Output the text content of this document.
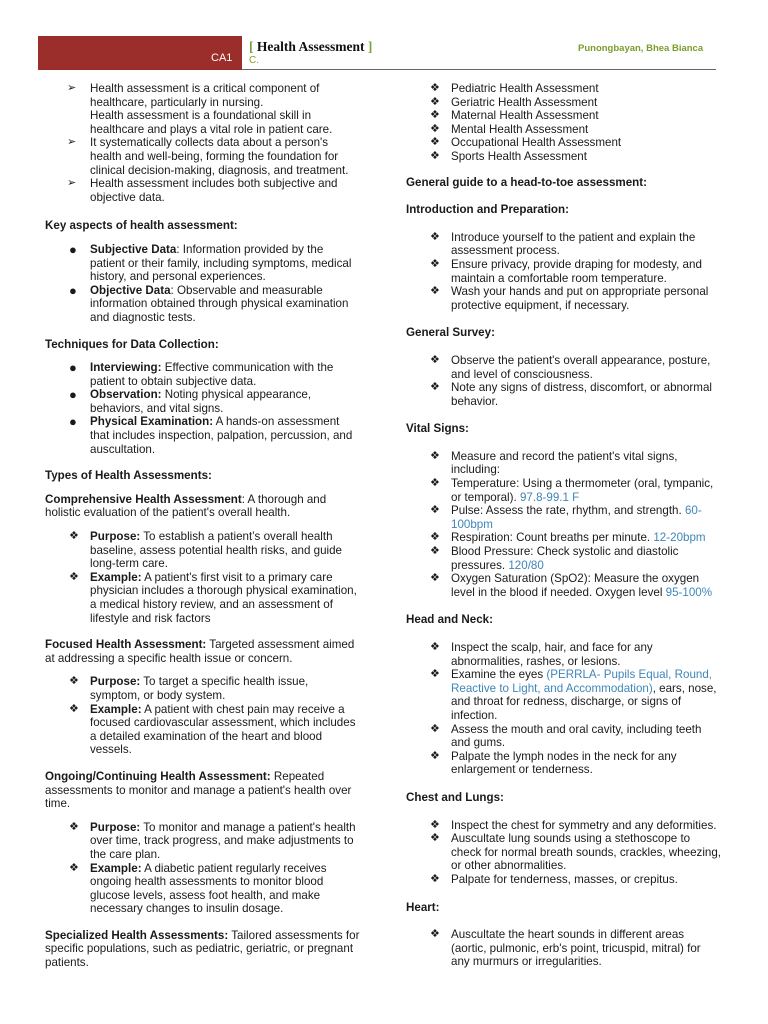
CA1
[ Health Assessment ]
C.
Punongbayan, Bhea Bianca
➢ Health assessment is a critical component of healthcare, particularly in nursing.
Health assessment is a foundational skill in healthcare and plays a vital role in patient care.
➢ It systematically collects data about a person's health and well-being, forming the foundation for clinical decision-making, diagnosis, and treatment.
➢ Health assessment includes both subjective and objective data.
Key aspects of health assessment:
● Subjective Data: Information provided by the patient or their family, including symptoms, medical history, and personal experiences.
● Objective Data: Observable and measurable information obtained through physical examination and diagnostic tests.
Techniques for Data Collection:
● Interviewing: Effective communication with the patient to obtain subjective data.
● Observation: Noting physical appearance, behaviors, and vital signs.
● Physical Examination: A hands-on assessment that includes inspection, palpation, percussion, and auscultation.
Types of Health Assessments:

Comprehensive Health Assessment: A thorough and holistic evaluation of the patient's overall health.

❖ Purpose: To establish a patient’s overall health baseline, assess potential health risks, and guide long-term care.
❖ Example: A patient's first visit to a primary care physician includes a thorough physical examination, a medical history review, and an assessment of lifestyle and risk factors

Focused Health Assessment: Targeted assessment aimed at addressing a specific health issue or concern.

❖ Purpose: To target a specific health issue, symptom, or body system.
❖ Example: A patient with chest pain may receive a focused cardiovascular assessment, which includes a detailed examination of the heart and blood vessels.

Ongoing/Continuing Health Assessment: Repeated assessments to monitor and manage a patient's health over time.

❖ Purpose: To monitor and manage a patient's health over time, track progress, and make adjustments to the care plan.
❖ Example: A diabetic patient regularly receives ongoing health assessments to monitor blood glucose levels, assess foot health, and make necessary changes to insulin dosage.

Specialized Health Assessments: Tailored assessments for specific populations, such as pediatric, geriatric, or pregnant patients.

❖ Pediatric Health Assessment
❖ Geriatric Health Assessment
❖ Maternal Health Assessment
❖ Mental Health Assessment
❖ Occupational Health Assessment
❖ Sports Health Assessment
General guide to a head-to-toe assessment:
Introduction and Preparation:
❖ Introduce yourself to the patient and explain the assessment process.
❖ Ensure privacy, provide draping for modesty, and maintain a comfortable room temperature.
❖ Wash your hands and put on appropriate personal protective equipment, if necessary.
General Survey:
❖ Observe the patient's overall appearance, posture, and level of consciousness.
❖ Note any signs of distress, discomfort, or abnormal behavior.
Vital Signs:
❖ Measure and record the patient's vital signs, including:
❖ Temperature: Using a thermometer (oral, tympanic, or temporal). 97.8-99.1 F
❖ Pulse: Assess the rate, rhythm, and strength. 60-100bpm
❖ Respiration: Count breaths per minute. 12-20bpm
❖ Blood Pressure: Check systolic and diastolic pressures. 120/80
❖ Oxygen Saturation (SpO2): Measure the oxygen level in the blood if needed. Oxygen level 95-100%
Head and Neck:
❖ Inspect the scalp, hair, and face for any abnormalities, rashes, or lesions.
❖ Examine the eyes (PERRLA- Pupils Equal, Round, Reactive to Light, and Accommodation), ears, nose, and throat for redness, discharge, or signs of infection.
❖ Assess the mouth and oral cavity, including teeth and gums.
❖ Palpate the lymph nodes in the neck for any enlargement or tenderness.
Chest and Lungs:
❖ Inspect the chest for symmetry and any deformities.
❖ Auscultate lung sounds using a stethoscope to check for normal breath sounds, crackles, wheezing, or other abnormalities.
❖ Palpate for tenderness, masses, or crepitus.
Heart:
❖ Auscultate the heart sounds in different areas (aortic, pulmonic, erb's point, tricuspid, mitral) for any murmurs or irregularities.
